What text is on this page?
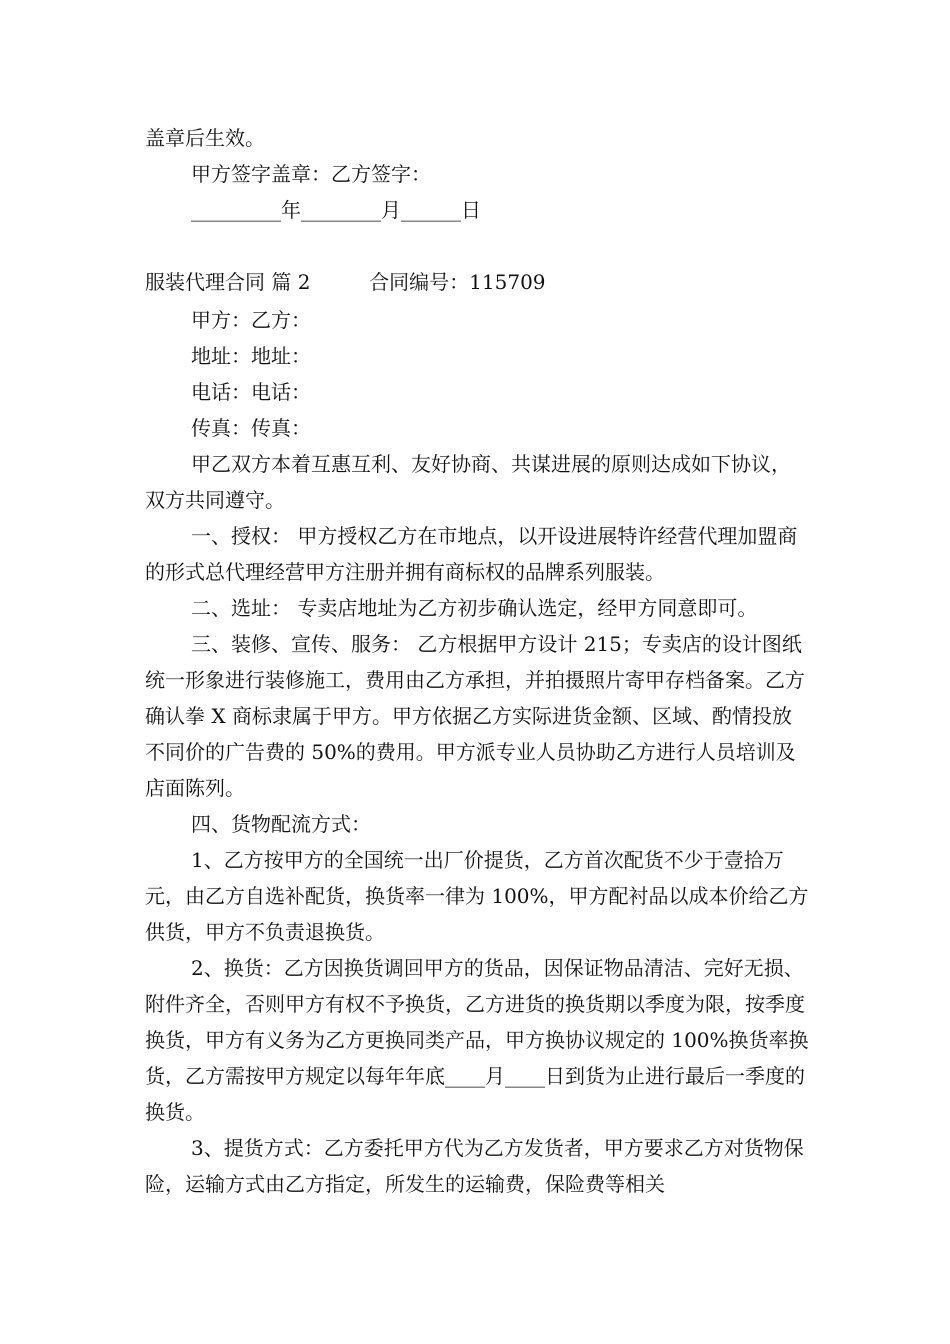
盖章后生效。
甲方签字盖章：乙方签字：
_________年________月______日
服装代理合同 篇 2	合同编号：115709
甲方：乙方：
地址：地址：
电话：电话：
传真：传真：

甲乙双方本着互惠互利、友好协商、共谋进展的原则达成如下协议，双方共同遵守。

一、授权： 甲方授权乙方在市地点，以开设进展特许经营代理加盟商的形式总代理经营甲方注册并拥有商标权的品牌系列服装。

二、选址： 专卖店地址为乙方初步确认选定，经甲方同意即可。

三、装修、宣传、服务： 乙方根据甲方设计 215；专卖店的设计图纸统一形象进行装修施工，费用由乙方承担，并拍摄照片寄甲存档备案。乙方确认拳 X 商标隶属于甲方。甲方依据乙方实际进货金额、区域、酌情投放不同价的广告费的 50%的费用。甲方派专业人员协助乙方进行人员培训及店面陈列。

四、货物配流方式：

1、乙方按甲方的全国统一出厂价提货，乙方首次配货不少于壹拾万元，由乙方自选补配货，换货率一律为 100%，甲方配衬品以成本价给乙方供货，甲方不负责退换货。

2、换货：乙方因换货调回甲方的货品，因保证物品清洁、完好无损、附件齐全，否则甲方有权不予换货，乙方进货的换货期以季度为限，按季度换货，甲方有义务为乙方更换同类产品，甲方换协议规定的 100%换货率换货，乙方需按甲方规定以每年年底____月____日到货为止进行最后一季度的换货。

3、提货方式：乙方委托甲方代为乙方发货者，甲方要求乙方对货物保险，运输方式由乙方指定，所发生的运输费，保险费等相关
